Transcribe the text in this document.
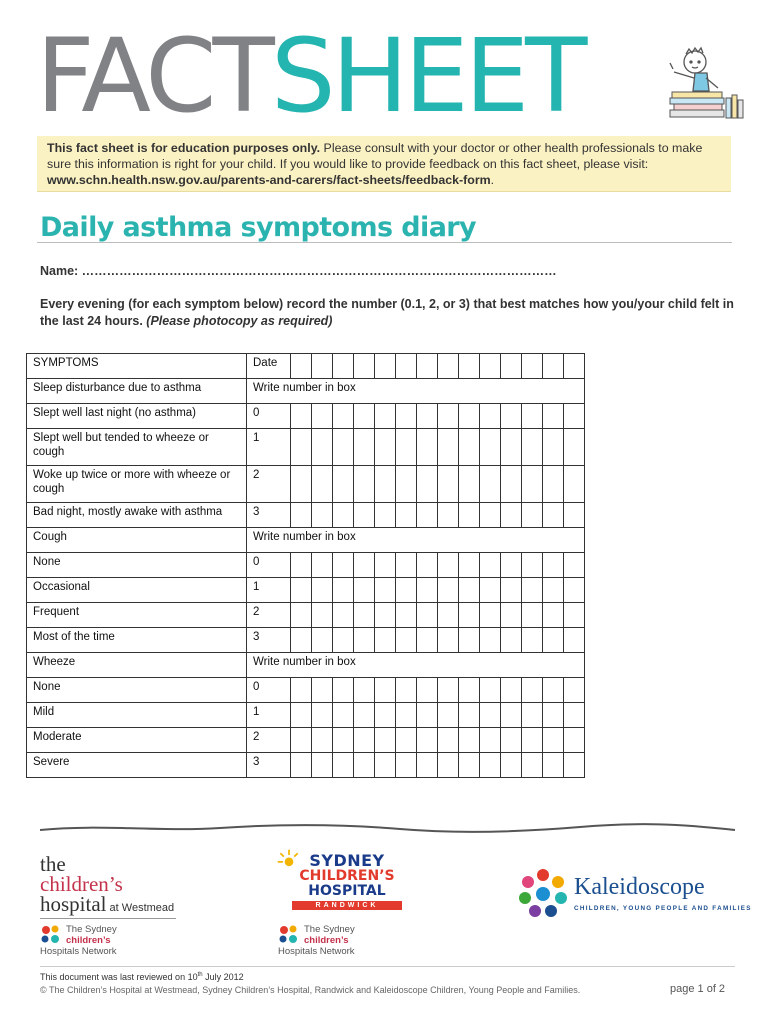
FACTSHEET
This fact sheet is for education purposes only. Please consult with your doctor or other health professionals to make sure this information is right for your child. If you would like to provide feedback on this fact sheet, please visit: www.schn.health.nsw.gov.au/parents-and-carers/fact-sheets/feedback-form.
Daily asthma symptoms diary
Name: ……………………………………………………………………………………………………
Every evening (for each symptom below) record the number (0.1, 2, or 3) that best matches how you/your child felt in the last 24 hours. (Please photocopy as required)
SYMPTOMS	Date														
Sleep disturbance due to asthma	Write number in box														
Slept well last night (no asthma)	0														
Slept well but tended to wheeze or cough	1														
Woke up twice or more with wheeze or cough	2														
Bad night, mostly awake with asthma	3														
Cough	Write number in box														
None	0														
Occasional	1														
Frequent	2														
Most of the time	3														
Wheeze	Write number in box														
None	0														
Mild	1														
Moderate	2														
Severe	3														
the
children’s
hospital at Westmead
The Sydney children’s
Hospitals Network
SYDNEY
CHILDREN’S
HOSPITAL
RANDWICK
The Sydney children’s
Hospitals Network
Kaleidoscope
CHILDREN, YOUNG PEOPLE AND FAMILIES
This document was last reviewed on 10th July 2012
© The Children’s Hospital at Westmead, Sydney Children’s Hospital, Randwick and Kaleidoscope Children, Young People and Families.	page 1 of 2
